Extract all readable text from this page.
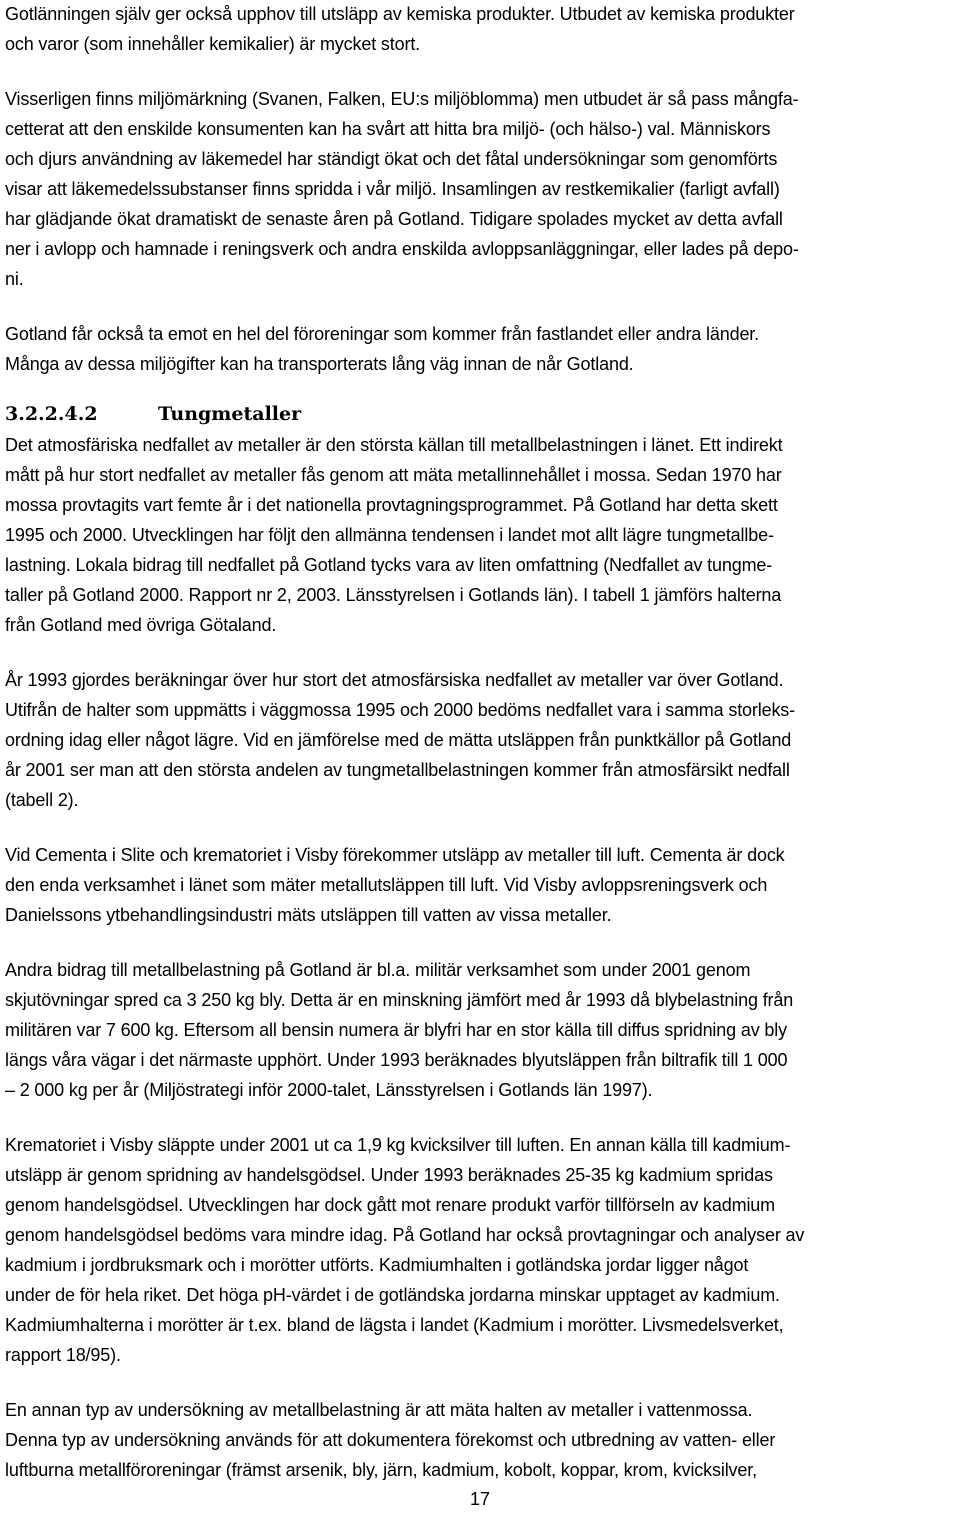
Gotlänningen själv ger också upphov till utsläpp av kemiska produkter. Utbudet av kemiska produkter
och varor (som innehåller kemikalier) är mycket stort.

Visserligen finns miljömärkning (Svanen, Falken, EU:s miljöblomma) men utbudet är så pass mångfa-
cetterat att den enskilde konsumenten kan ha svårt att hitta bra miljö- (och hälso-) val. Människors
och djurs användning av läkemedel har ständigt ökat och det fåtal undersökningar som genomförts
visar att läkemedelssubstanser finns spridda i vår miljö. Insamlingen av restkemikalier (farligt avfall)
har glädjande ökat dramatiskt de senaste åren på Gotland. Tidigare spolades mycket av detta avfall
ner i avlopp och hamnade i reningsverk och andra enskilda avloppsanläggningar, eller lades på depo-
ni.

Gotland får också ta emot en hel del föroreningar som kommer från fastlandet eller andra länder.
Många av dessa miljögifter kan ha transporterats lång väg innan de når Gotland.

3.2.2.4.2	Tungmetaller

Det atmosfäriska nedfallet av metaller är den största källan till metallbelastningen i länet. Ett indirekt
mått på hur stort nedfallet av metaller fås genom att mäta metallinnehållet i mossa. Sedan 1970 har
mossa provtagits vart femte år i det nationella provtagningsprogrammet. På Gotland har detta skett
1995 och 2000. Utvecklingen har följt den allmänna tendensen i landet mot allt lägre tungmetallbe-
lastning. Lokala bidrag till nedfallet på Gotland tycks vara av liten omfattning (Nedfallet av tungme-
taller på Gotland 2000. Rapport nr 2, 2003. Länsstyrelsen i Gotlands län). I tabell 1 jämförs halterna
från Gotland med övriga Götaland.

År 1993 gjordes beräkningar över hur stort det atmosfärsiska nedfallet av metaller var över Gotland.
Utifrån de halter som uppmätts i väggmossa 1995 och 2000 bedöms nedfallet vara i samma storleks-
ordning idag eller något lägre. Vid en jämförelse med de mätta utsläppen från punktkällor på Gotland
år 2001 ser man att den största andelen av tungmetallbelastningen kommer från atmosfärsikt nedfall
(tabell 2).

Vid Cementa i Slite och krematoriet i Visby förekommer utsläpp av metaller till luft. Cementa är dock
den enda verksamhet i länet som mäter metallutsläppen till luft. Vid Visby avloppsreningsverk och
Danielssons ytbehandlingsindustri mäts utsläppen till vatten av vissa metaller.

Andra bidrag till metallbelastning på Gotland är bl.a. militär verksamhet som under 2001 genom
skjutövningar spred ca 3 250 kg bly. Detta är en minskning jämfört med år 1993 då blybelastning från
militären var 7 600 kg. Eftersom all bensin numera är blyfri har en stor källa till diffus spridning av bly
längs våra vägar i det närmaste upphört. Under 1993 beräknades blyutsläppen från biltrafik till 1 000
– 2 000 kg per år (Miljöstrategi inför 2000-talet, Länsstyrelsen i Gotlands län 1997).

Krematoriet i Visby släppte under 2001 ut ca 1,9 kg kvicksilver till luften. En annan källa till kadmium-
utsläpp är genom spridning av handelsgödsel. Under 1993 beräknades 25-35 kg kadmium spridas
genom handelsgödsel. Utvecklingen har dock gått mot renare produkt varför tillförseln av kadmium
genom handelsgödsel bedöms vara mindre idag. På Gotland har också provtagningar och analyser av
kadmium i jordbruksmark och i morötter utförts. Kadmiumhalten i gotländska jordar ligger något
under de för hela riket. Det höga pH-värdet i de gotländska jordarna minskar upptaget av kadmium.
Kadmiumhalterna i morötter är t.ex. bland de lägsta i landet (Kadmium i morötter. Livsmedelsverket,
rapport 18/95).

En annan typ av undersökning av metallbelastning är att mäta halten av metaller i vattenmossa.
Denna typ av undersökning används för att dokumentera förekomst och utbredning av vatten- eller
luftburna metallföroreningar (främst arsenik, bly, järn, kadmium, kobolt, koppar, krom, kvicksilver,

17
